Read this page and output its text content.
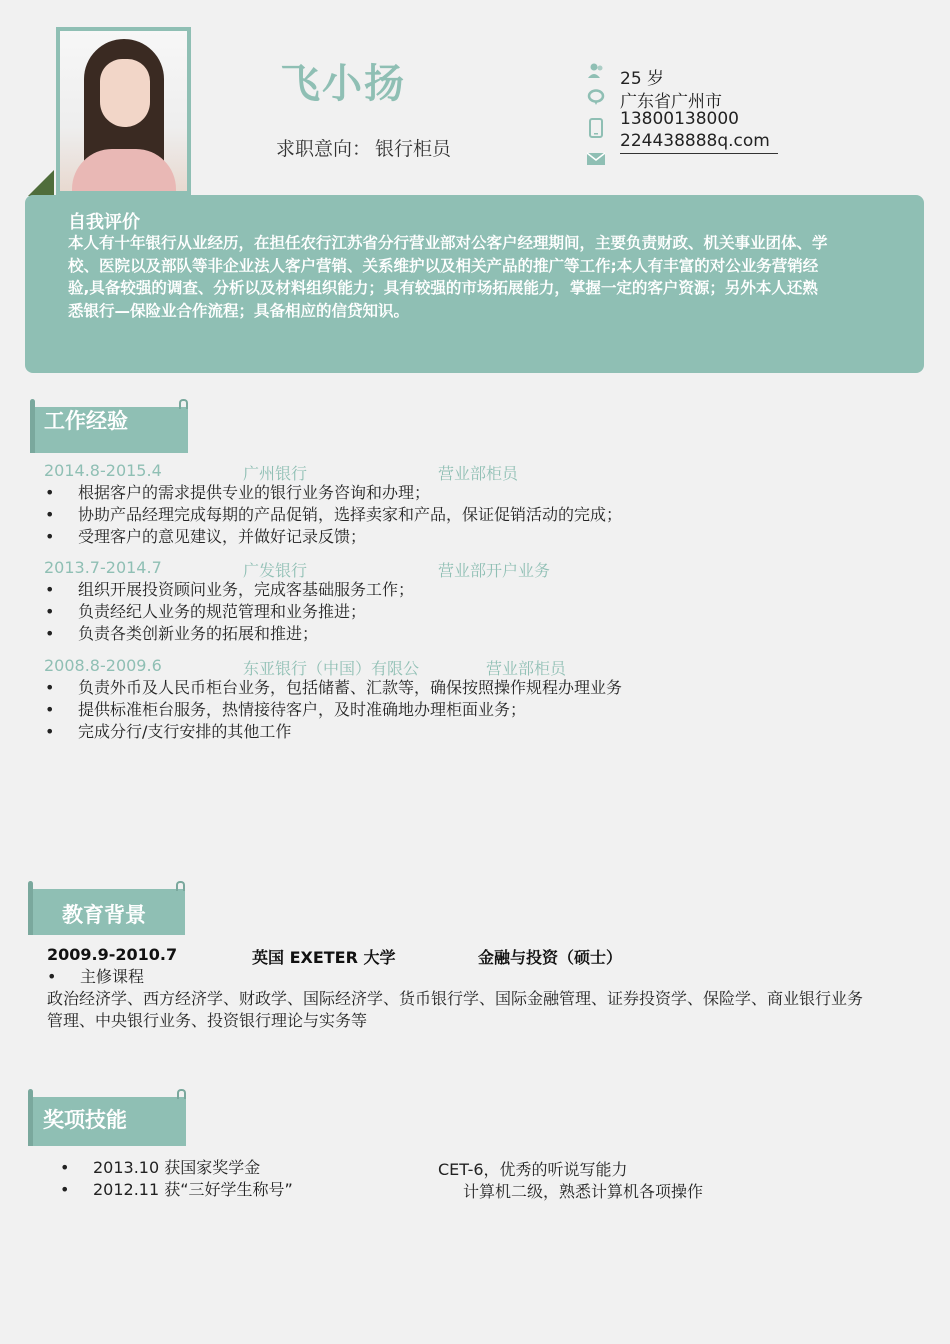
飞小扬
求职意向： 银行柜员
25 岁
广东省广州市
13800138000
224438888q.com
自我评价
本人有十年银行从业经历，在担任农行江苏省分行营业部对公客户经理期间，主要负责财政、机关事业团体、学
校、医院以及部队等非企业法人客户营销、关系维护以及相关产品的推广等工作;本人有丰富的对公业务营销经
验,具备较强的调查、分析以及材料组织能力；具有较强的市场拓展能力，掌握一定的客户资源；另外本人还熟
悉银行—保险业合作流程；具备相应的信贷知识。
工作经验
2014.8-2015.4	广州银行	营业部柜员
• 根据客户的需求提供专业的银行业务咨询和办理；
• 协助产品经理完成每期的产品促销，选择卖家和产品，保证促销活动的完成；
• 受理客户的意见建议，并做好记录反馈；
2013.7-2014.7	广发银行	营业部开户业务
• 组织开展投资顾问业务，完成客基础服务工作；
• 负责经纪人业务的规范管理和业务推进；
• 负责各类创新业务的拓展和推进；
2008.8-2009.6	东亚银行（中国）有限公	营业部柜员
• 负责外币及人民币柜台业务，包括储蓄、汇款等，确保按照操作规程办理业务
• 提供标准柜台服务，热情接待客户，及时准确地办理柜面业务；
• 完成分行/支行安排的其他工作
教育背景
2009.9-2010.7	英国 EXETER 大学	金融与投资（硕士）
• 主修课程
政治经济学、西方经济学、财政学、国际经济学、货币银行学、国际金融管理、证券投资学、保险学、商业银行业务
管理、中央银行业务、投资银行理论与实务等
奖项技能
• 2013.10 获国家奖学金
• 2012.11 获“三好学生称号”
CET-6，优秀的听说写能力
计算机二级，熟悉计算机各项操作
